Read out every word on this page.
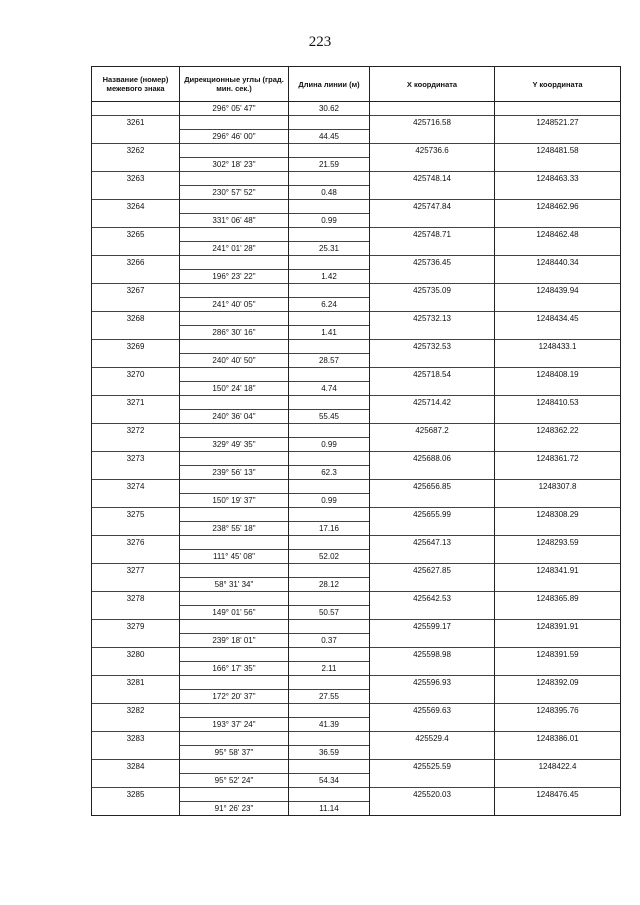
223
Название (номер) межевого знака	Дирекционные углы (град. мин. сек.)	Длина линии (м)	X координата	Y координата
	296° 05' 47"	30.62		
3261			425716.58	1248521.27
	296° 46' 00"	44.45		
3262			425736.6	1248481.58
	302° 18' 23"	21.59		
3263			425748.14	1248463.33
	230° 57' 52"	0.48		
3264			425747.84	1248462.96
	331° 06' 48"	0.99		
3265			425748.71	1248462.48
	241° 01' 28"	25.31		
3266			425736.45	1248440.34
	196° 23' 22"	1.42		
3267			425735.09	1248439.94
	241° 40' 05"	6.24		
3268			425732.13	1248434.45
	286° 30' 16"	1.41		
3269			425732.53	1248433.1
	240° 40' 50"	28.57		
3270			425718.54	1248408.19
	150° 24' 18"	4.74		
3271			425714.42	1248410.53
	240° 36' 04"	55.45		
3272			425687.2	1248362.22
	329° 49' 35"	0.99		
3273			425688.06	1248361.72
	239° 56' 13"	62.3		
3274			425656.85	1248307.8
	150° 19' 37"	0.99		
3275			425655.99	1248308.29
	238° 55' 18"	17.16		
3276			425647.13	1248293.59
	111° 45' 08"	52.02		
3277			425627.85	1248341.91
	58° 31' 34"	28.12		
3278			425642.53	1248365.89
	149° 01' 56"	50.57		
3279			425599.17	1248391.91
	239° 18' 01"	0.37		
3280			425598.98	1248391.59
	166° 17' 35"	2.11		
3281			425596.93	1248392.09
	172° 20' 37"	27.55		
3282			425569.63	1248395.76
	193° 37' 24"	41.39		
3283			425529.4	1248386.01
	95° 58' 37"	36.59		
3284			425525.59	1248422.4
	95° 52' 24"	54.34		
3285			425520.03	1248476.45
	91° 26' 23"	11.14		
